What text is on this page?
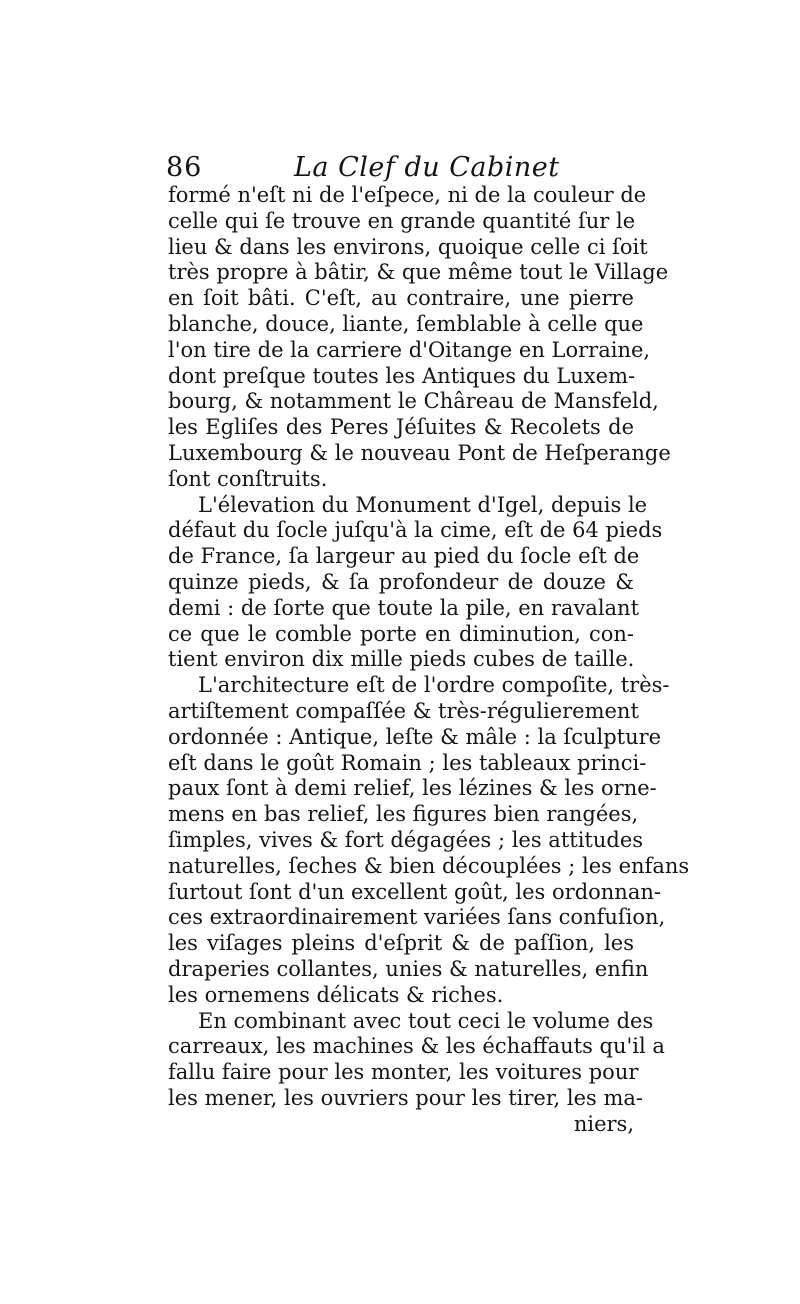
86	La Clef du Cabinet
formé n'eſt ni de l'eſpece, ni de la couleur de
celle qui ſe trouve en grande quantité ſur le
lieu & dans les environs, quoique celle ci ſoit
très propre à bâtir, & que même tout le Village
en ſoit bâti. C'eſt, au contraire, une pierre
blanche, douce, liante, ſemblable à celle que
l'on tire de la carriere d'Oitange en Lorraine,
dont preſque toutes les Antiques du Luxem-
bourg, & notamment le Châreau de Mansfeld,
les Egliſes des Peres Jéſuites & Recolets de
Luxembourg & le nouveau Pont de Heſperange
ſont conſtruits.
L'élevation du Monument d'Igel, depuis le
défaut du ſocle juſqu'à la cime, eſt de 64 pieds
de France, ſa largeur au pied du ſocle eſt de
quinze pieds, & ſa profondeur de douze &
demi : de ſorte que toute la pile, en ravalant
ce que le comble porte en diminution, con-
tient environ dix mille pieds cubes de taille.
L'architecture eſt de l'ordre compoſite, très-
artiſtement compaſſée & très-régulierement
ordonnée : Antique, leſte & mâle : la ſculpture
eſt dans le goût Romain ; les tableaux princi-
paux ſont à demi relief, les lézines & les orne-
mens en bas relief, les figures bien rangées,
ſimples, vives & fort dégagées ; les attitudes
naturelles, ſeches & bien découplées ; les enfans
ſurtout ſont d'un excellent goût, les ordonnan-
ces extraordinairement variées ſans confuſion,
les viſages pleins d'eſprit & de paſſion, les
draperies collantes, unies & naturelles, enfin
les ornemens délicats & riches.
En combinant avec tout ceci le volume des
carreaux, les machines & les échaffauts qu'il a
fallu faire pour les monter, les voitures pour
les mener, les ouvriers pour les tirer, les ma-
niers,
